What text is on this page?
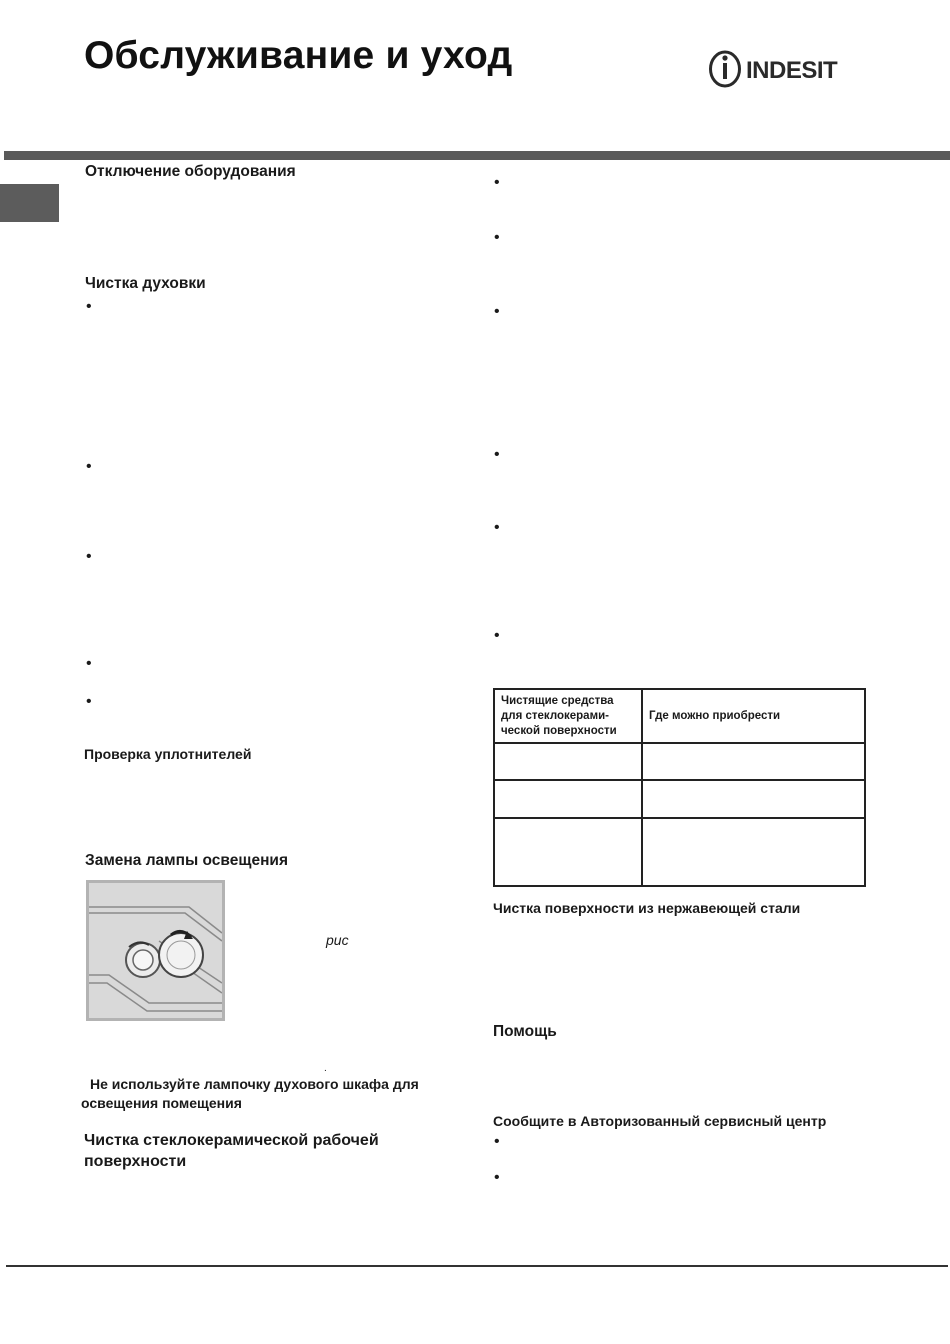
Обслуживание и уход	INDESIT
Отключение оборудования
Чистка духовки
•
•
•
•
•
Проверка уплотнителей
Замена лампы освещения
рис
.
Не используйте лампочку духового шкафа для освещения помещения
Чистка стеклокерамической рабочей поверхности
•
•
•
•
•
•
Чистящие средства для стеклокерамической поверхности	Где можно приобрести

Чистка поверхности из нержавеющей стали
Помощь
Сообщите в Авторизованный сервисный центр
•
•
